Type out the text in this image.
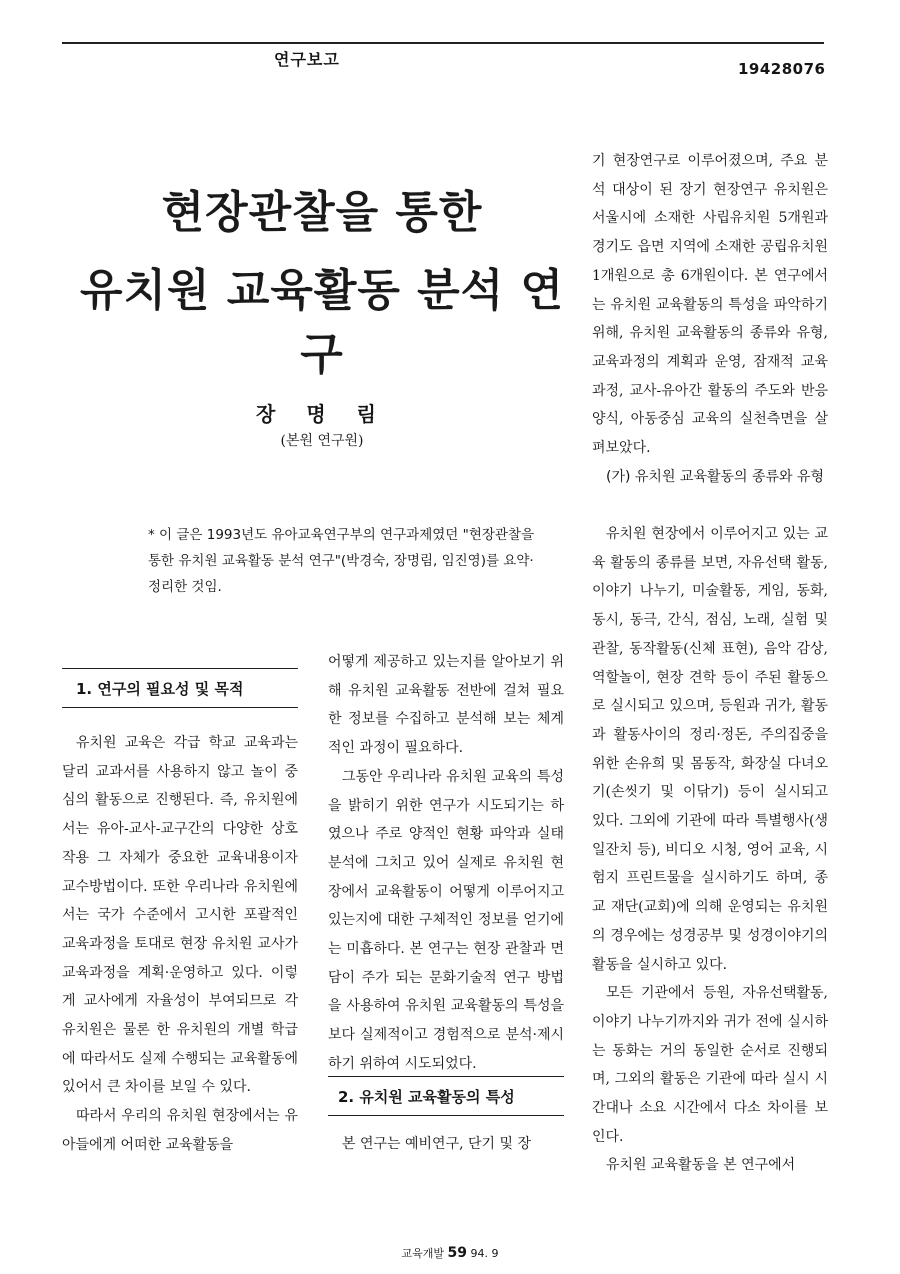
연구보고	19428076
현장관찰을 통한
유치원 교육활동 분석 연구
장 명 림
(본원 연구원)
* 이 글은 1993년도 유아교육연구부의 연구과제였던 "현장관찰을 통한 유치원 교육활동 분석 연구"(박경숙, 장명림, 임진영)를 요약·정리한 것임.
1. 연구의 필요성 및 목적

유치원 교육은 각급 학교 교육과는 달리 교과서를 사용하지 않고 놀이 중심의 활동으로 진행된다. 즉, 유치원에서는 유아-교사-교구간의 다양한 상호작용 그 자체가 중요한 교육내용이자 교수방법이다. 또한 우리나라 유치원에서는 국가 수준에서 고시한 포괄적인 교육과정을 토대로 현장 유치원 교사가 교육과정을 계획·운영하고 있다. 이렇게 교사에게 자율성이 부여되므로 각 유치원은 물론 한 유치원의 개별 학급에 따라서도 실제 수행되는 교육활동에 있어서 큰 차이를 보일 수 있다.

따라서 우리의 유치원 현장에서는 유아들에게 어떠한 교육활동을

어떻게 제공하고 있는지를 알아보기 위해 유치원 교육활동 전반에 걸쳐 필요한 정보를 수집하고 분석해 보는 체계적인 과정이 필요하다.

그동안 우리나라 유치원 교육의 특성을 밝히기 위한 연구가 시도되기는 하였으나 주로 양적인 현황 파악과 실태 분석에 그치고 있어 실제로 유치원 현장에서 교육활동이 어떻게 이루어지고 있는지에 대한 구체적인 정보를 얻기에는 미흡하다. 본 연구는 현장 관찰과 면담이 주가 되는 문화기술적 연구 방법을 사용하여 유치원 교육활동의 특성을 보다 실제적이고 경험적으로 분석·제시하기 위하여 시도되었다.

2. 유치원 교육활동의 특성

본 연구는 예비연구, 단기 및 장

기 현장연구로 이루어졌으며, 주요 분석 대상이 된 장기 현장연구 유치원은 서울시에 소재한 사립유치원 5개원과 경기도 읍면 지역에 소재한 공립유치원 1개원으로 총 6개원이다. 본 연구에서는 유치원 교육활동의 특성을 파악하기 위해, 유치원 교육활동의 종류와 유형, 교육과정의 계획과 운영, 잠재적 교육과정, 교사-유아간 활동의 주도와 반응 양식, 아동중심 교육의 실천측면을 살펴보았다.

(가) 유치원 교육활동의 종류와 유형

유치원 현장에서 이루어지고 있는 교육 활동의 종류를 보면, 자유선택 활동, 이야기 나누기, 미술활동, 게임, 동화, 동시, 동극, 간식, 점심, 노래, 실험 및 관찰, 동작활동(신체 표현), 음악 감상, 역할놀이, 현장 견학 등이 주된 활동으로 실시되고 있으며, 등원과 귀가, 활동과 활동사이의 정리·정돈, 주의집중을 위한 손유희 및 몸동작, 화장실 다녀오기(손씻기 및 이닦기) 등이 실시되고 있다. 그외에 기관에 따라 특별행사(생일잔치 등), 비디오 시청, 영어 교육, 시험지 프린트물을 실시하기도 하며, 종교 재단(교회)에 의해 운영되는 유치원의 경우에는 성경공부 및 성경이야기의 활동을 실시하고 있다.

모든 기관에서 등원, 자유선택활동, 이야기 나누기까지와 귀가 전에 실시하는 동화는 거의 동일한 순서로 진행되며, 그외의 활동은 기관에 따라 실시 시간대나 소요 시간에서 다소 차이를 보인다.

유치원 교육활동을 본 연구에서

교육개발 59 94. 9
